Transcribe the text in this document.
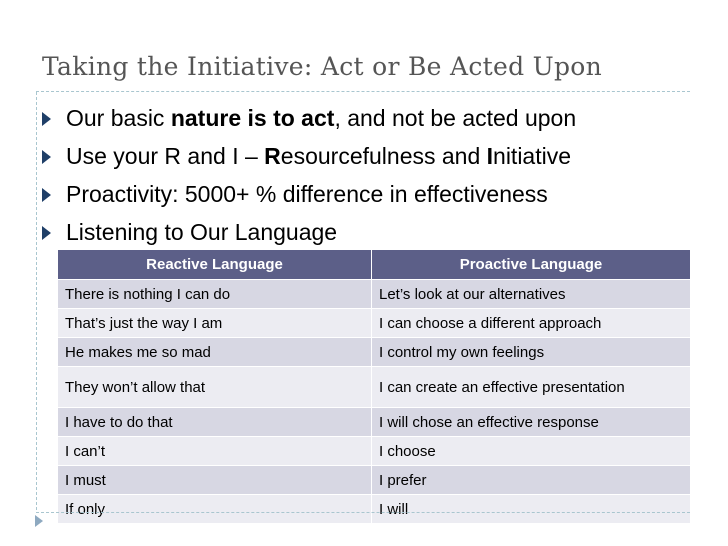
Taking the Initiative: Act or Be Acted Upon
Our basic nature is to act, and not be acted upon
Use your R and I – Resourcefulness and Initiative
Proactivity: 5000+ % difference in effectiveness
Listening to Our Language
Reactive Language	Proactive Language
There is nothing I can do	Let’s look at our alternatives
That’s just the way I am	I can choose a different approach
He makes me so mad	I control my own feelings
They won’t allow that	I can create an effective presentation
I have to do that	I will chose an effective response
I can’t	I choose
I must	I prefer
If only	I will
